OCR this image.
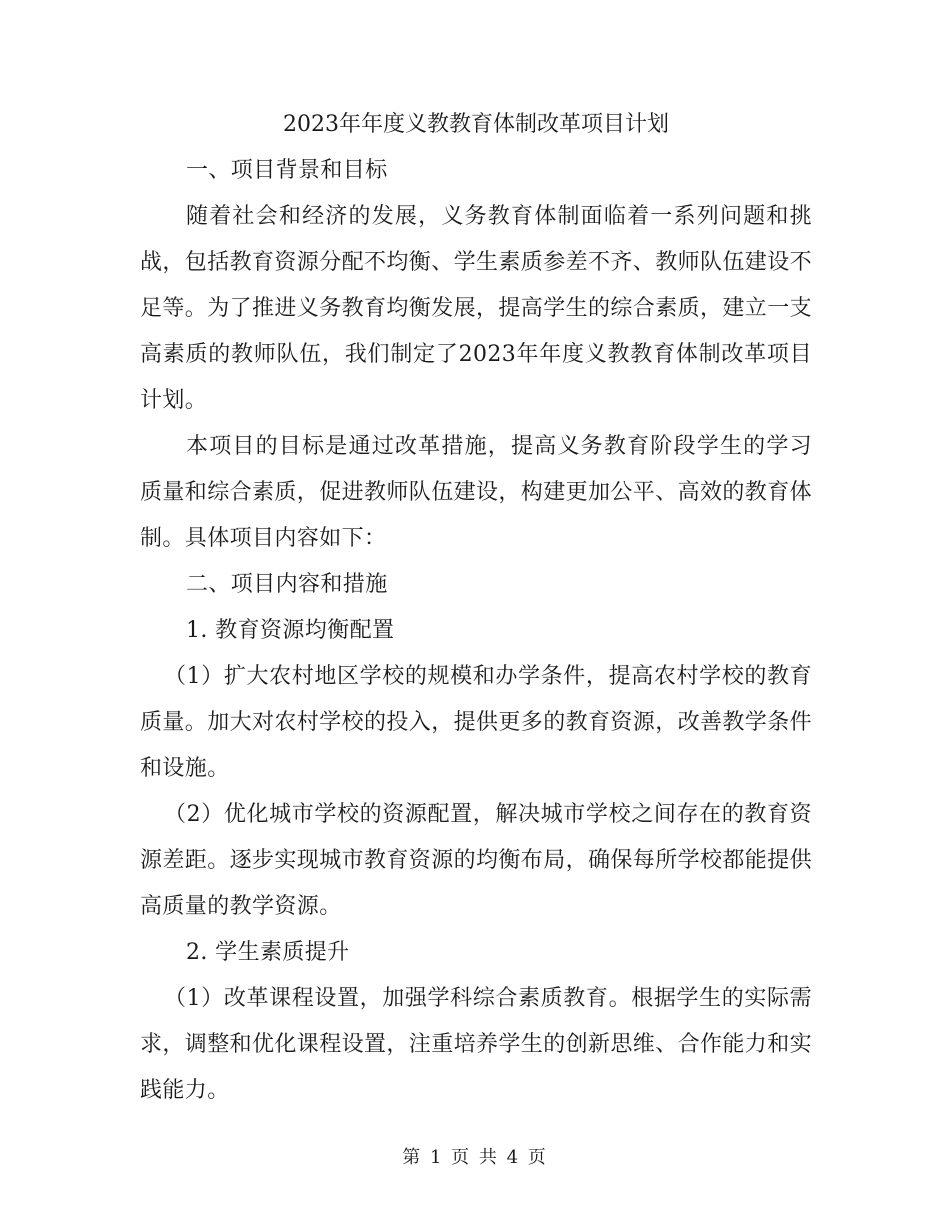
2023年年度义教教育体制改革项目计划

一、项目背景和目标

随着社会和经济的发展，义务教育体制面临着一系列问题和挑战，包括教育资源分配不均衡、学生素质参差不齐、教师队伍建设不足等。为了推进义务教育均衡发展，提高学生的综合素质，建立一支高素质的教师队伍，我们制定了2023年年度义教教育体制改革项目计划。

本项目的目标是通过改革措施，提高义务教育阶段学生的学习质量和综合素质，促进教师队伍建设，构建更加公平、高效的教育体制。具体项目内容如下：

二、项目内容和措施

1. 教育资源均衡配置

（1）扩大农村地区学校的规模和办学条件，提高农村学校的教育质量。加大对农村学校的投入，提供更多的教育资源，改善教学条件和设施。

（2）优化城市学校的资源配置，解决城市学校之间存在的教育资源差距。逐步实现城市教育资源的均衡布局，确保每所学校都能提供高质量的教学资源。

2. 学生素质提升

（1）改革课程设置，加强学科综合素质教育。根据学生的实际需求，调整和优化课程设置，注重培养学生的创新思维、合作能力和实践能力。

第 1 页 共 4 页
